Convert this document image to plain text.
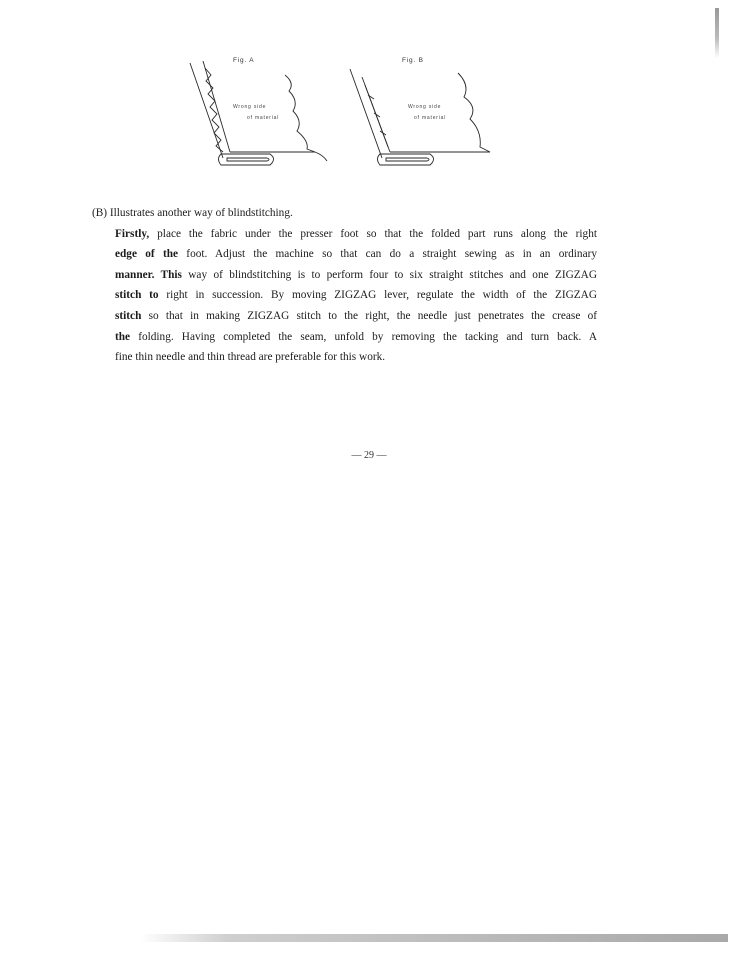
Fig. A
Wrong side
of material
Fig. B
Wrong side
of material

(B) Illustrates another way of blindstitching.

Firstly, place the fabric under the presser foot so that the folded part runs along the right
edge of the foot. Adjust the machine so that can do a straight sewing as in an ordinary
manner. This way of blindstitching is to perform four to six straight stitches and one ZIGZAG
stitch to right in succession. By moving ZIGZAG lever, regulate the width of the ZIGZAG
stitch so that in making ZIGZAG stitch to the right, the needle just penetrates the crease of
the folding. Having completed the seam, unfold by removing the tacking and turn back. A
fine thin needle and thin thread are preferable for this work.
— 29 —
